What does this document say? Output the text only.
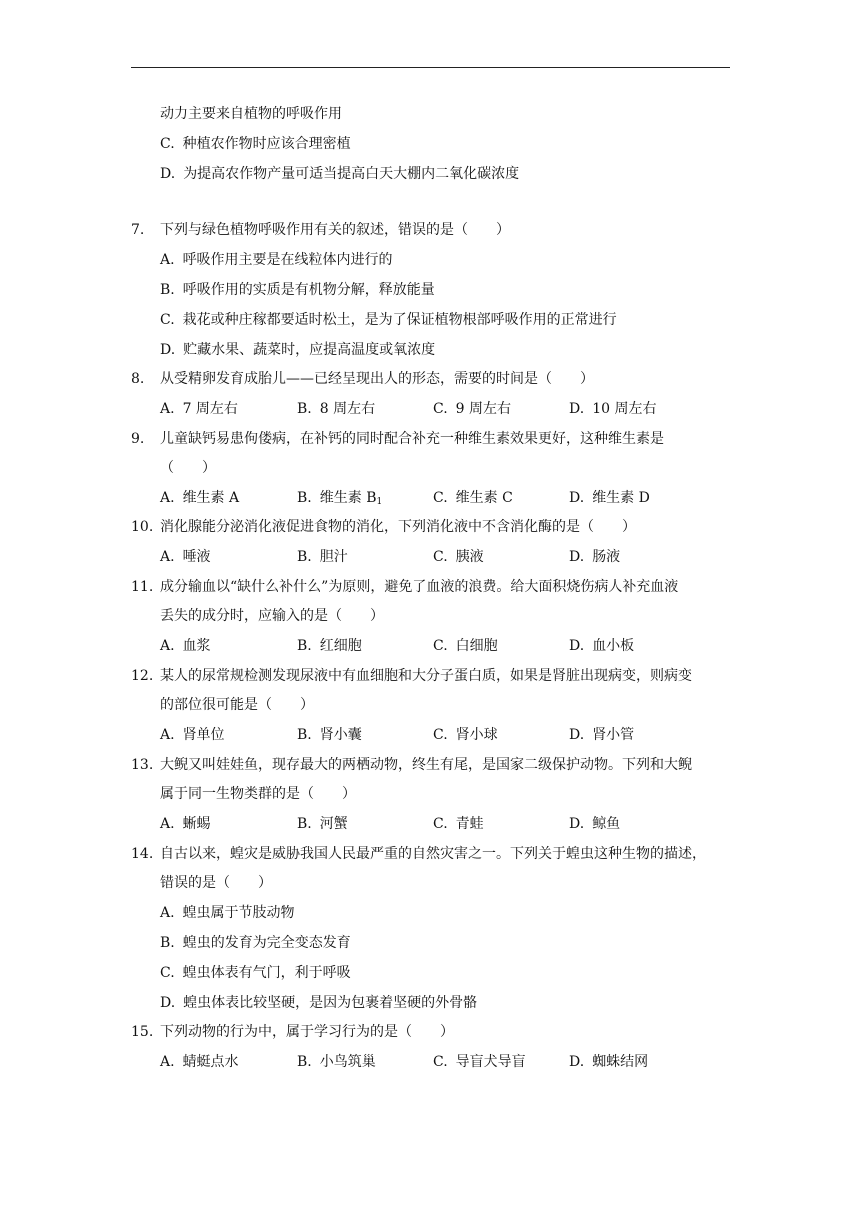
动力主要来自植物的呼吸作用
C. 种植农作物时应该合理密植
D. 为提高农作物产量可适当提高白天大棚内二氧化碳浓度
7. 下列与绿色植物呼吸作用有关的叙述，错误的是（　　）
A. 呼吸作用主要是在线粒体内进行的
B. 呼吸作用的实质是有机物分解，释放能量
C. 栽花或种庄稼都要适时松土，是为了保证植物根部呼吸作用的正常进行
D. 贮藏水果、蔬菜时，应提高温度或氧浓度
8. 从受精卵发育成胎儿——已经呈现出人的形态，需要的时间是（　　）
A. 7 周左右	B. 8 周左右	C. 9 周左右	D. 10 周左右
9. 儿童缺钙易患佝偻病，在补钙的同时配合补充一种维生素效果更好，这种维生素是
（　　）
A. 维生素 A	B. 维生素 $B_1$	C. 维生素 C	D. 维生素 D
10. 消化腺能分泌消化液促进食物的消化，下列消化液中不含消化酶的是（　　）
A. 唾液	B. 胆汁	C. 胰液	D. 肠液
11. 成分输血以“缺什么补什么”为原则，避免了血液的浪费。给大面积烧伤病人补充血液
丢失的成分时，应输入的是（　　）
A. 血浆	B. 红细胞	C. 白细胞	D. 血小板
12. 某人的尿常规检测发现尿液中有血细胞和大分子蛋白质，如果是肾脏出现病变，则病变
的部位很可能是（　　）
A. 肾单位	B. 肾小囊	C. 肾小球	D. 肾小管
13. 大鲵又叫娃娃鱼，现存最大的两栖动物，终生有尾，是国家二级保护动物。下列和大鲵
属于同一生物类群的是（　　）
A. 蜥蜴	B. 河蟹	C. 青蛙	D. 鲸鱼
14. 自古以来，蝗灾是威胁我国人民最严重的自然灾害之一。下列关于蝗虫这种生物的描述，
错误的是（　　）
A. 蝗虫属于节肢动物
B. 蝗虫的发育为完全变态发育
C. 蝗虫体表有气门，利于呼吸
D. 蝗虫体表比较坚硬，是因为包裹着坚硬的外骨骼
15. 下列动物的行为中，属于学习行为的是（　　）
A. 蜻蜓点水	B. 小鸟筑巢	C. 导盲犬导盲	D. 蜘蛛结网
